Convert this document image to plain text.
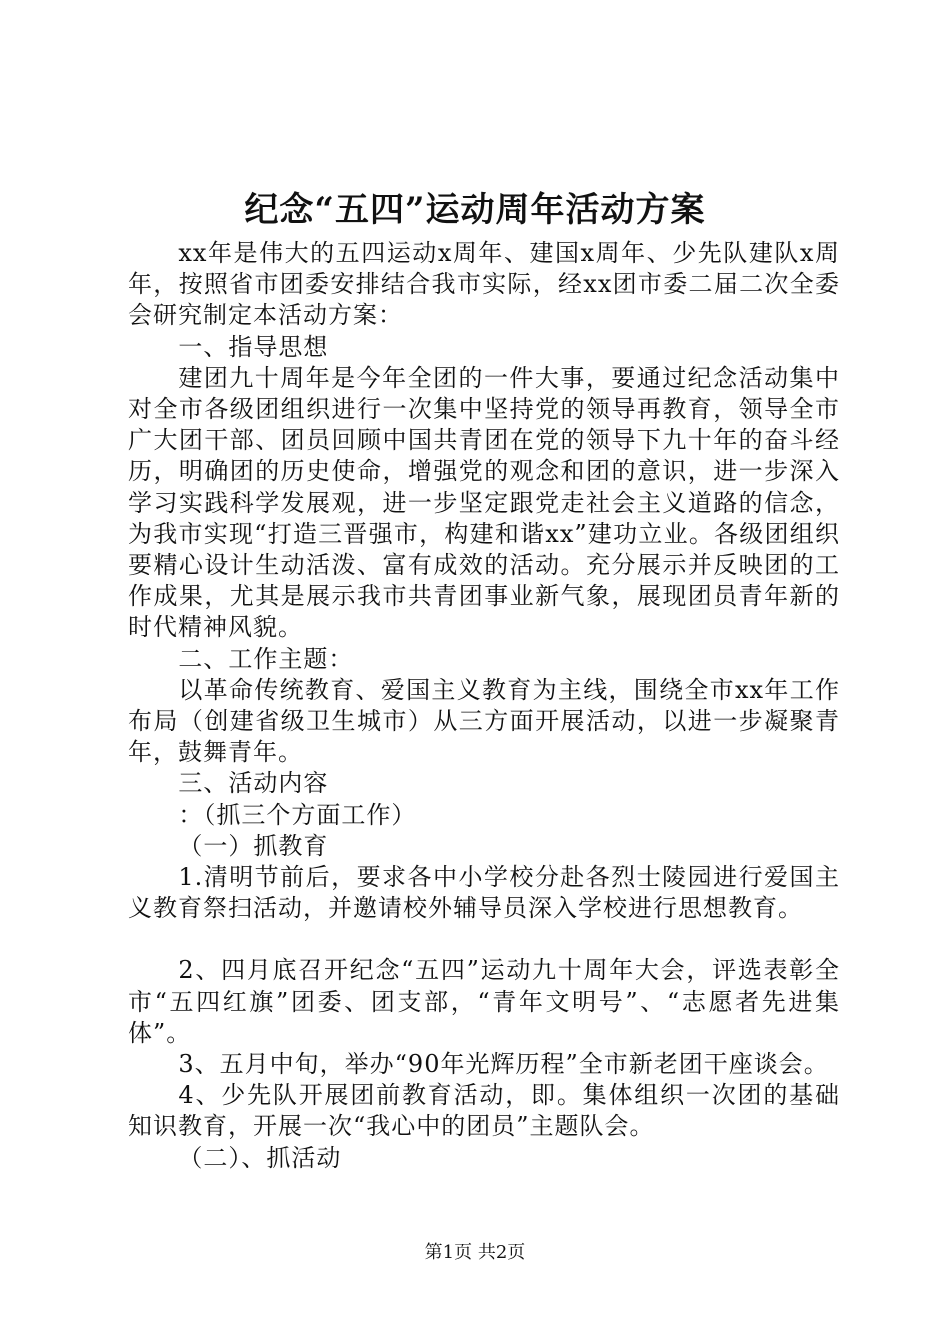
纪念“五四”运动周年活动方案

xx年是伟大的五四运动x周年、建国x周年、少先队建队x周年，按照省市团委安排结合我市实际，经xx团市委二届二次全委会研究制定本活动方案：

一、指导思想

建团九十周年是今年全团的一件大事，要通过纪念活动集中对全市各级团组织进行一次集中坚持党的领导再教育，领导全市广大团干部、团员回顾中国共青团在党的领导下九十年的奋斗经历，明确团的历史使命，增强党的观念和团的意识，进一步深入学习实践科学发展观，进一步坚定跟党走社会主义道路的信念，为我市实现“打造三晋强市，构建和谐xx”建功立业。各级团组织要精心设计生动活泼、富有成效的活动。充分展示并反映团的工作成果，尤其是展示我市共青团事业新气象，展现团员青年新的时代精神风貌。

二、工作主题：

以革命传统教育、爱国主义教育为主线，围绕全市xx年工作布局（创建省级卫生城市）从三方面开展活动，以进一步凝聚青年，鼓舞青年。

三、活动内容

：（抓三个方面工作）

（一）抓教育

1.清明节前后，要求各中小学校分赴各烈士陵园进行爱国主义教育祭扫活动，并邀请校外辅导员深入学校进行思想教育。

2、四月底召开纪念“五四”运动九十周年大会，评选表彰全市“五四红旗”团委、团支部，“青年文明号”、“志愿者先进集体”。

3、五月中旬，举办“90年光辉历程”全市新老团干座谈会。

4、少先队开展团前教育活动，即。集体组织一次团的基础知识教育，开展一次“我心中的团员”主题队会。

（二）、抓活动

第1页 共2页
